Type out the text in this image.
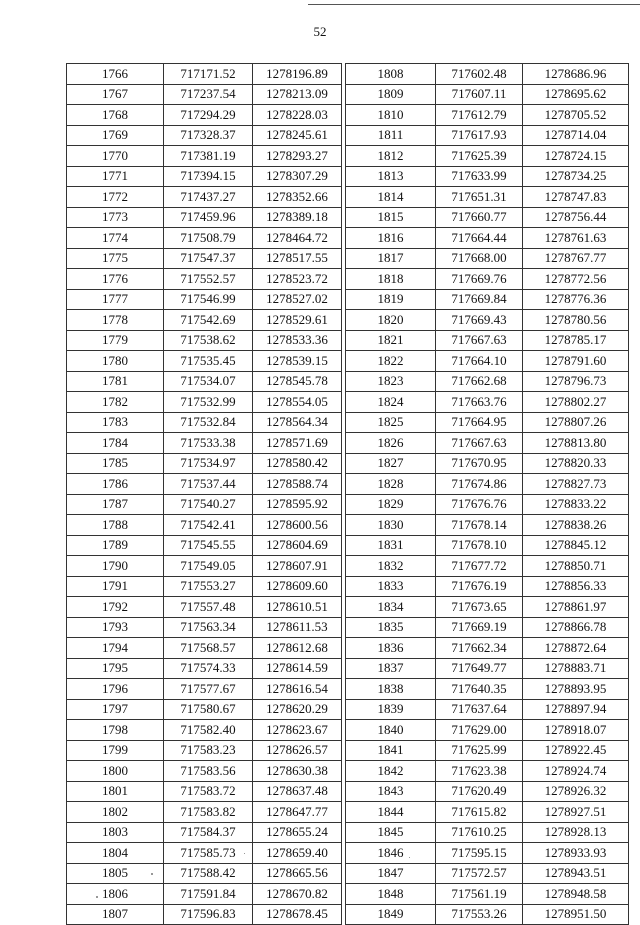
52
1766	717171.52	1278196.89
1767	717237.54	1278213.09
1768	717294.29	1278228.03
1769	717328.37	1278245.61
1770	717381.19	1278293.27
1771	717394.15	1278307.29
1772	717437.27	1278352.66
1773	717459.96	1278389.18
1774	717508.79	1278464.72
1775	717547.37	1278517.55
1776	717552.57	1278523.72
1777	717546.99	1278527.02
1778	717542.69	1278529.61
1779	717538.62	1278533.36
1780	717535.45	1278539.15
1781	717534.07	1278545.78
1782	717532.99	1278554.05
1783	717532.84	1278564.34
1784	717533.38	1278571.69
1785	717534.97	1278580.42
1786	717537.44	1278588.74
1787	717540.27	1278595.92
1788	717542.41	1278600.56
1789	717545.55	1278604.69
1790	717549.05	1278607.91
1791	717553.27	1278609.60
1792	717557.48	1278610.51
1793	717563.34	1278611.53
1794	717568.57	1278612.68
1795	717574.33	1278614.59
1796	717577.67	1278616.54
1797	717580.67	1278620.29
1798	717582.40	1278623.67
1799	717583.23	1278626.57
1800	717583.56	1278630.38
1801	717583.72	1278637.48
1802	717583.82	1278647.77
1803	717584.37	1278655.24
1804	717585.73	1278659.40
1805	717588.42	1278665.56
1806	717591.84	1278670.82
1807	717596.83	1278678.45
1808	717602.48	1278686.96
1809	717607.11	1278695.62
1810	717612.79	1278705.52
1811	717617.93	1278714.04
1812	717625.39	1278724.15
1813	717633.99	1278734.25
1814	717651.31	1278747.83
1815	717660.77	1278756.44
1816	717664.44	1278761.63
1817	717668.00	1278767.77
1818	717669.76	1278772.56
1819	717669.84	1278776.36
1820	717669.43	1278780.56
1821	717667.63	1278785.17
1822	717664.10	1278791.60
1823	717662.68	1278796.73
1824	717663.76	1278802.27
1825	717664.95	1278807.26
1826	717667.63	1278813.80
1827	717670.95	1278820.33
1828	717674.86	1278827.73
1829	717676.76	1278833.22
1830	717678.14	1278838.26
1831	717678.10	1278845.12
1832	717677.72	1278850.71
1833	717676.19	1278856.33
1834	717673.65	1278861.97
1835	717669.19	1278866.78
1836	717662.34	1278872.64
1837	717649.77	1278883.71
1838	717640.35	1278893.95
1839	717637.64	1278897.94
1840	717629.00	1278918.07
1841	717625.99	1278922.45
1842	717623.38	1278924.74
1843	717620.49	1278926.32
1844	717615.82	1278927.51
1845	717610.25	1278928.13
1846	717595.15	1278933.93
1847	717572.57	1278943.51
1848	717561.19	1278948.58
1849	717553.26	1278951.50
